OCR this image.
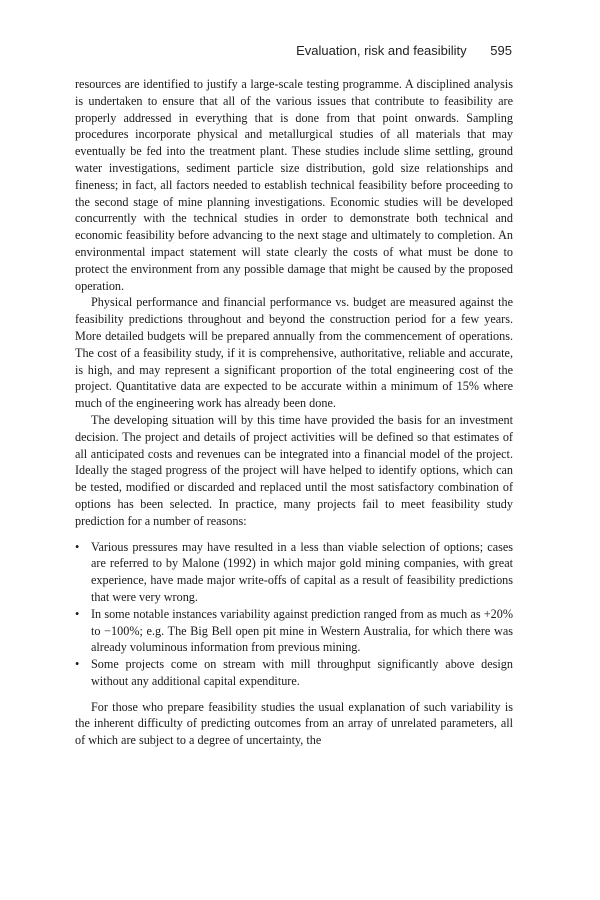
Evaluation, risk and feasibility 595

resources are identified to justify a large-scale testing programme. A disciplined analysis is undertaken to ensure that all of the various issues that contribute to feasibility are properly addressed in everything that is done from that point onwards. Sampling procedures incorporate physical and metallurgical studies of all materials that may eventually be fed into the treatment plant. These studies include slime settling, ground water investigations, sediment particle size distribution, gold size relationships and fineness; in fact, all factors needed to establish technical feasibility before proceeding to the second stage of mine planning investigations. Economic studies will be developed concurrently with the technical studies in order to demonstrate both technical and economic feasibility before advancing to the next stage and ultimately to completion. An environmental impact statement will state clearly the costs of what must be done to protect the environment from any possible damage that might be caused by the proposed operation.

Physical performance and financial performance vs. budget are measured against the feasibility predictions throughout and beyond the construction period for a few years. More detailed budgets will be prepared annually from the commencement of operations. The cost of a feasibility study, if it is comprehensive, authoritative, reliable and accurate, is high, and may represent a significant proportion of the total engineering cost of the project. Quantitative data are expected to be accurate within a minimum of 15% where much of the engineering work has already been done.

The developing situation will by this time have provided the basis for an investment decision. The project and details of project activities will be defined so that estimates of all anticipated costs and revenues can be integrated into a financial model of the project. Ideally the staged progress of the project will have helped to identify options, which can be tested, modified or discarded and replaced until the most satisfactory combination of options has been selected. In practice, many projects fail to meet feasibility study prediction for a number of reasons:

• Various pressures may have resulted in a less than viable selection of options; cases are referred to by Malone (1992) in which major gold mining companies, with great experience, have made major write-offs of capital as a result of feasibility predictions that were very wrong.
• In some notable instances variability against prediction ranged from as much as +20% to −100%; e.g. The Big Bell open pit mine in Western Australia, for which there was already voluminous information from previous mining.
• Some projects come on stream with mill throughput significantly above design without any additional capital expenditure.

For those who prepare feasibility studies the usual explanation of such variability is the inherent difficulty of predicting outcomes from an array of unrelated parameters, all of which are subject to a degree of uncertainty, the
